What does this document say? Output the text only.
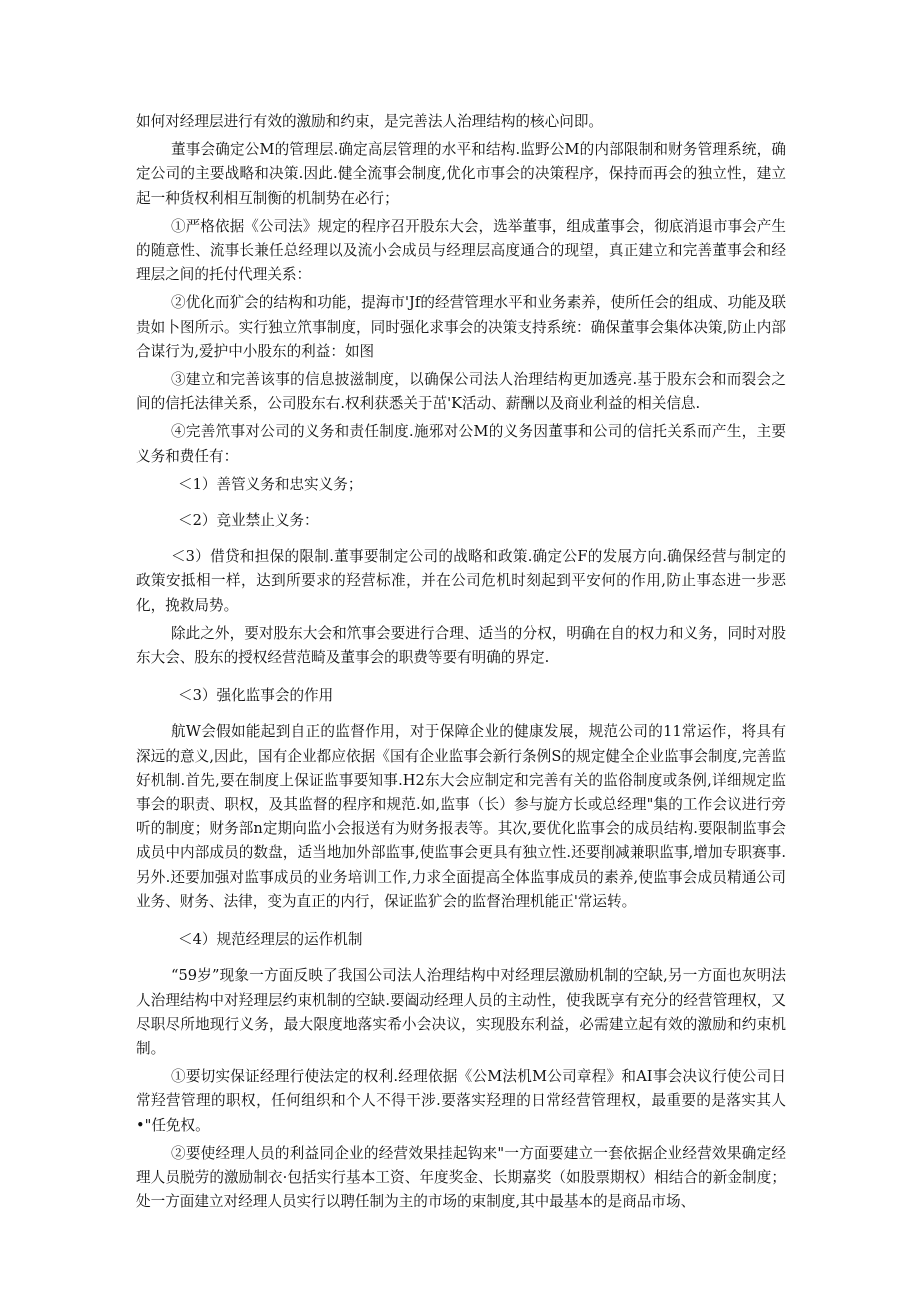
如何对经理层进行有效的激励和约束，是完善法人治理结构的核心问即。

董事会确定公M的管理层.确定高层管理的水平和结构.监野公M的内部限制和财务管理系统，确定公司的主要战略和决策.因此.健全流事会制度,优化市事会的决策程序，保持而再会的独立性，建立起一种货权利相互制衡的机制势在必行；

①严格依据《公司法》规定的程序召开股东大会，选举董事，组成董事会，彻底消退市事会产生的随意性、流事长兼任总经理以及流小会成员与经理层高度通合的现望，真正建立和完善董事会和经理层之间的托付代理关系：

②优化而犷会的结构和功能，提海市'Jf的经营管理水平和业务素养，使所任会的组成、功能及联贵如卜图所示。实行独立笊事制度，同时强化求事会的决策支持系统：确保董事会集体决策,防止内部合谋行为,爱护中小股东的利益：如图

③建立和完善该事的信息披滋制度，以确保公司法人治理结构更加透亮.基于股东会和而裂会之间的信托法律关系，公司股东右.权利获悉关于茁'K活动、薪酬以及商业利益的相关信息.

④完善笊事对公司的义务和责任制度.施邪对公M的义务因董事和公司的信托关系而产生，主要义务和费任有：

＜1）善管义务和忠实义务；

＜2）竞业禁止义务：

＜3）借贷和担保的限制.董事要制定公司的战略和政策.确定公F的发展方向.确保经营与制定的政策安抵相一样，达到所要求的羟营标准，并在公司危机时刻起到平安何的作用,防止事态进一步恶化，挽救局势。

除此之外，要对股东大会和笊事会要进行合理、适当的分权，明确在自的权力和义务，同时对股东大会、股东的授权经营范畸及董事会的职费等要有明确的界定.

＜3）强化监事会的作用

航W会假如能起到自正的监督作用，对于保障企业的健康发展，规范公司的11常运作，将具有深远的意义,因此，国有企业都应依据《国有企业监事会新行条例S的规定健全企业监事会制度,完善监好机制.首先,要在制度上保证监事要知事.H2东大会应制定和完善有关的监俗制度或条例,详细规定监事会的职责、职权，及其监督的程序和规范.如,监事（长）参与旋方长或总经理"集的工作会议进行旁听的制度；财务部n定期向监小会报送有为财务报表等。其次,要优化监事会的成员结构.要限制监事会成员中内部成员的数盘，适当地加外部监事,使监事会更具有独立性.还要削减兼职监事,增加专职赛事.另外.还要加强对监事成员的业务培训工作,力求全面提高全体监事成员的素养,使监事会成员精通公司业务、财务、法律，变为直正的内行，保证监犷会的监督治理机能正'常运转。

＜4）规范经理层的运作机制

“59岁”现象一方面反映了我国公司法人治理结构中对经理层激励机制的空缺,另一方面也灰明法人治理结构中对羟理层约束机制的空缺.要阖动经理人员的主动性，使我既享有充分的经营管理权，又尽职尽所地现行义务，最大限度地落实希小会决议，实现股东利益，必需建立起有效的激励和约束机制。

①要切实保证经理行使法定的权利.经理依据《公M法机M公司章程》和AI事会决议行使公司日常羟营管理的职权，任何组织和个人不得干涉.要落实羟理的日常经营管理权，最重要的是落实其人•"任免权。

②要使经理人员的利益同企业的经营效果挂起钩来"一方面要建立一套依据企业经营效果确定经理人员脱劳的激励制衣·包括实行基本工资、年度奖金、长期嘉奖（如股票期权）相结合的新金制度；处一方面建立对经理人员实行以聘任制为主的市场的束制度,其中最基本的是商品市场、
